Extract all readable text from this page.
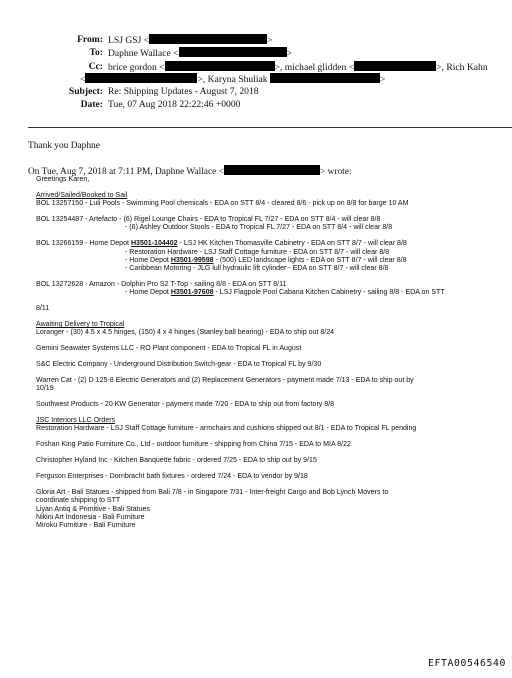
From: LSJ GSJ <	>
To: Daphne Wallace <	>
Cc: brice gordon <	>, michael glidden <	>, Rich Kahn
<	>, Karyna Shuliak	>
Subject: Re: Shipping Updates - August 7, 2018
Date: Tue, 07 Aug 2018 22:22:46 +0000
Thank you Daphne
On Tue, Aug 7, 2018 at 7:11 PM, Daphne Wallace <	> wrote:
Greetings Karen,
Arrived/Sailed/Booked to Sail
BOL 13257150 - Luli Pools - Swimming Pool chemicals - EDA on STT 8/4 - cleared 8/6 - pick up on 8/8 for barge 10 AM
BOL 13254487 - Artefacto - (6) Rigel Lounge Chairs - EDA to Tropical FL 7/27 - EDA on STT 8/4 - will clear 8/8
- (6) Ashley Outdoor Stools - EDA to Tropical FL 7/27 - EDA on STT 8/4 - will clear 8/8
BOL 13266159 - Home Depot H3501-104402 - LSJ HK Kitchen Thomasville Cabinetry - EDA on STT 8/7 - will clear 8/8
- Restoration Hardware - LSJ Staff Cottage furniture - EDA on STT 8/7 - will clear 8/8
- Home Depot H3501-99598 - (500) LED landscape lights - EDA on STT 8/7 - will clear 8/8
- Caribbean Motoring - JLG lull hydraulic lift cylinder - EDA on STT 8/7 - will clear 8/8
BOL 13272628 - Amazon - Dolphin Pro S2 T-Top - sailing 8/8 - EDA on STT 8/11
- Home Depot H3501-97608 - LSJ Flagpole Pool Cabana Kitchen Cabinetry - sailing 8/8 - EDA on STT
8/11
Awaiting Delivery to Tropical
Loranger - (30) 4.5 x 4.5 hinges, (150) 4 x 4 hinges (Stanley ball bearing) - EDA to ship out 8/24
Gemini Seawater Systems LLC - RO Plant component - EDA to Tropical FL in August
S&C Electric Company - Underground Distribution Switch-gear - EDA to Tropical FL by 9/30
Warren Cat - (2) D 125-8 Electric Generators and (2) Replacement Generators - payment made 7/13 - EDA to ship out by
10/19
Southwest Products - 20 KW Generator - payment made 7/20 - EDA to ship out from factory 8/8
JSC Interiors LLC Orders
Restoration Hardware - LSJ Staff Cottage furniture - armchairs and cushions shipped out 8/1 - EDA to Tropical FL pending
Foshan King Patio Furniture Co., Ltd - outdoor furniture - shipping from China 7/15 - EDA to MIA 8/22
Christopher Hyland Inc - Kitchen Banquette fabric - ordered 7/25 - EDA to ship out by 9/15
Ferguson Enterprises - Dornbracht bath fixtures - ordered 7/24 - EDA to vendor by 9/18
Gloria Art - Bali Statues - shipped from Bali 7/8 - in Singapore 7/31 - Inter-freight Cargo and Bob Lynch Movers to
coordinate shipping to STT
Liyan Antiq & Primitive - Bali Statues
Nikini Art Indonesia - Bali Furniture
Miroku Furniture - Bali Furniture
EFTA00546540
